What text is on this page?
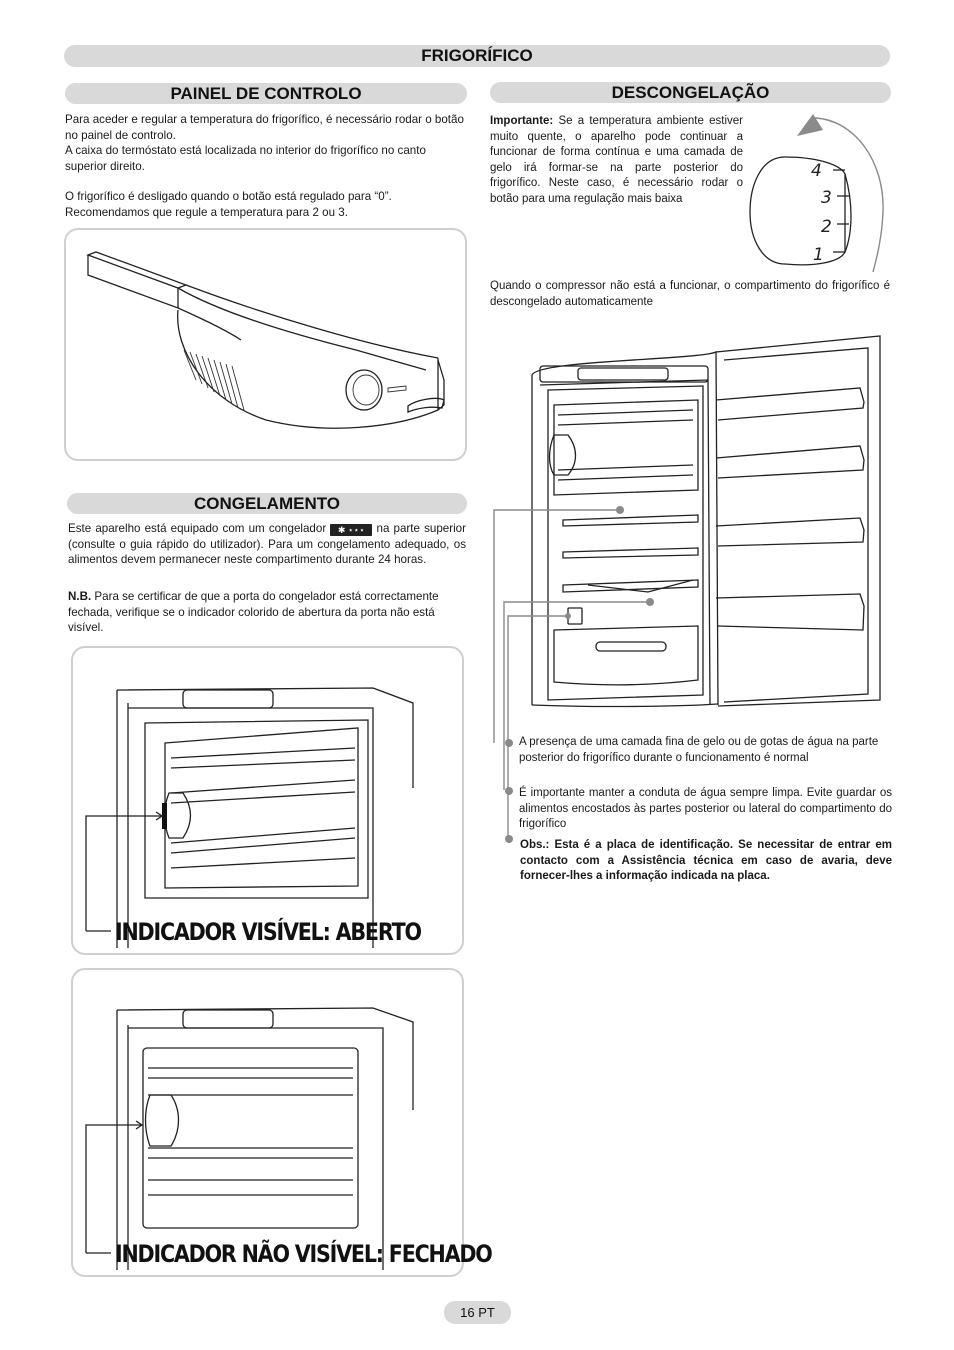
FRIGORÍFICO
PAINEL DE CONTROLO
Para aceder e regular a temperatura do frigorífico, é necessário rodar o botão no painel de controlo.
A caixa do termóstato está localizada no interior do frigorífico no canto superior direito.
O frigorífico é desligado quando o botão está regulado para “0”.
Recomendamos que regule a temperatura para 2 ou 3.
CONGELAMENTO
Este aparelho está equipado com um congelador ✱ ⋆⋆⋆ na parte superior (consulte o guia rápido do utilizador). Para um congelamento adequado, os alimentos devem permanecer neste compartimento durante 24 horas.
N.B. Para se certificar de que a porta do congelador está correctamente fechada, verifique se o indicador colorido de abertura da porta não está visível.
INDICADOR VISÍVEL: ABERTO
INDICADOR NÃO VISÍVEL: FECHADO
DESCONGELAÇÃO
Importante: Se a temperatura ambiente estiver muito quente, o aparelho pode continuar a funcionar de forma contínua e uma camada de gelo irá formar-se na parte posterior do frigorífico. Neste caso, é necessário rodar o botão para uma regulação mais baixa
4
3
2
1
Quando o compressor não está a funcionar, o compartimento do frigorífico é descongelado automaticamente
A presença de uma camada fina de gelo ou de gotas de água na parte posterior do frigorífico durante o funcionamento é normal
É importante manter a conduta de água sempre limpa. Evite guardar os alimentos encostados às partes posterior ou lateral do compartimento do frigorífico
Obs.: Esta é a placa de identificação. Se necessitar de entrar em contacto com a Assistência técnica em caso de avaria, deve fornecer-lhes a informação indicada na placa.
16 PT
